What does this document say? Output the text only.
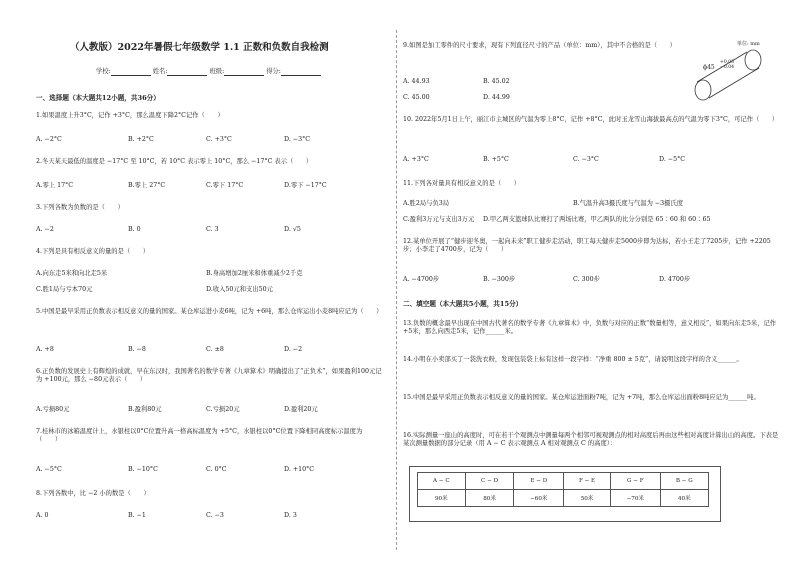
（人教版）2022年暑假七年级数学 1.1 正数和负数自我检测
学校:	姓名:	班级:	得分:
一、选择题（本大题共12小题，共36分）
1.如果温度上升3°C，记作 +3°C，那么温度下降2°C记作（　　）
A. −2°C	B. +2°C	C. +3°C	D. −3°C
2.冬天某天最低的温度是 −17°C 至 10°C，若 10°C 表示零上 10°C，那么 −17°C 表示（　　）
A.零上 17°C	B.零上 27°C	C.零下 17°C	D.零下 −17°C
3.下列各数为负数的是（　　）
A. −2	B. 0	C. 3	D. √5
4.下列是具有相反意义的量的是（　　）
A.向东走5米和向北走5米	B.身高增加2厘米和体重减少2千克
C.胜1局与亏本70元	D.收入50元和支出50元
5.中国是最早采用正负数表示相反意义的量的国家。某仓库运进小麦6吨，记为 +6吨，那么仓库运出小麦8吨应记为（　　）
A. +8	B. −8	C. ±8	D. −2
6.正负数的发展史上有辉煌的成就，早在东汉时，我国著名的数学专著《九章算术》明确提出了“正负术”，如果盈利100元记为 +100元，那么 −80元表示（　　）
A.亏损80元	B.盈利80元	C.亏损20元	D.盈利20元
7.桂林市的冰箱温度计上，水银柱以0°C位置升高一格高标温度为 +5°C，水银柱以0°C位置下降相同高度标示温度为（　　）
A. −5°C	B. −10°C	C. 0°C	D. +10°C
8.下列各数中，比 −2 小的数是（　　）
A. 0	B. −1	C. −3	D. 3
9.如图是加工零件的尺寸要求，现有下列直径尺寸的产品（单位：mm），其中不合格的是（　　）
A. 44.93	B. 45.02
C. 45.00	D. 44.99
单位: mm
ϕ45
+0.03
−0.04
10. 2022年5月1日上午，丽江市主城区的气温为零上8°C，记作 +8°C，此时玉龙雪山海拔最高点的气温为零下3°C，可记作（　　）
A. +3°C	B. +5°C	C. −3°C	D. −5°C
11.下列各对量具有相反意义的是（　　）
A.胜2局与负3局	B.气温升高3摄氏度与气温为 −3摄氏度
C.盈利3万元与支出3万元 D.甲乙两支篮球队比赛打了两场比赛，甲乙两队的比分分别是 65∶60 和 60∶65
12.某单位开展了“健步迎冬奥，一起向未来”职工健步走活动，职工每天健步走5000步即为达标，若小王走了7205步，记作 +2205步；小李走了4700步，记为（　　）
A. −4700步	B. −300步	C. 300步	D. 4700步
二、填空题（本大题共5小题，共15分）
13.负数的概念最早出现在中国古代著名的数学专著《九章算术》中，负数与对应的正数“数量相等，意义相反”，如果向东走5米，记作 +5米，那么向西走5米，记作______米。
14.小明在小卖部买了一袋洗衣粉，发现包装袋上标有这样一段字样：“净重 800 ± 5克”，请说明这段字样的含义______。
15.中国是最早采用正负数表示相反意义的量的国家。某仓库运进面粉7吨，记为 +7吨，那么仓库运出面粉8吨应记为______吨。
16.实际测量一座山的高度时，可在若干个观测点中测量每两个相邻可视观测点的相对高度后再由这些相对高度计算出山的高度。下表是某次测量数据的部分记录（用 A − C 表示观测点 A 相对观测点 C 的高度）：
A − C	C − D	E − D	F − E	G − F	B − G
90米	80米	−60米	50米	−70米	40米
